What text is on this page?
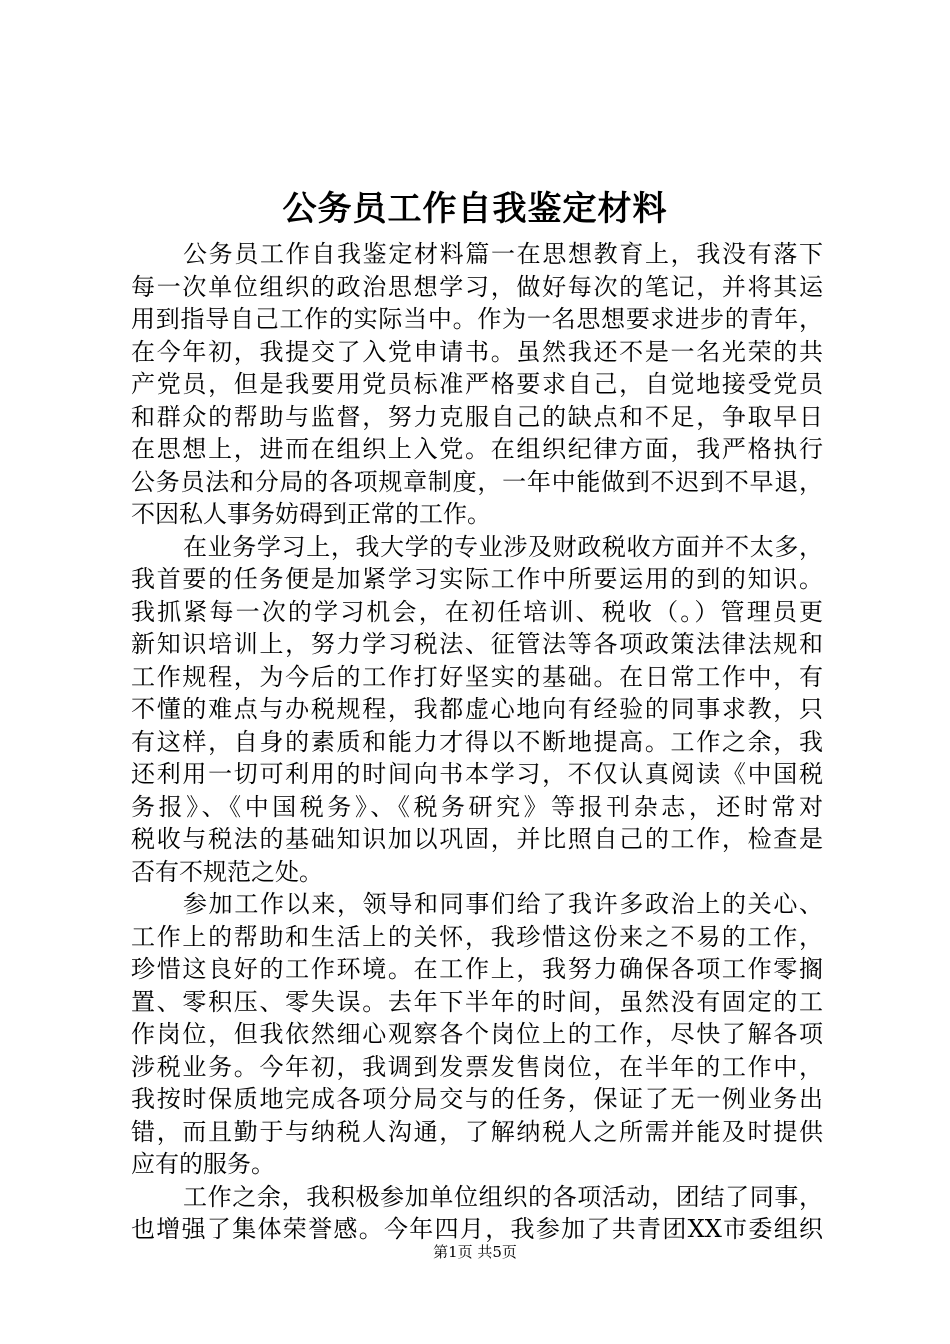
公务员工作自我鉴定材料
公务员工作自我鉴定材料篇一在思想教育上，我没有落下
每一次单位组织的政治思想学习，做好每次的笔记，并将其运
用到指导自己工作的实际当中。作为一名思想要求进步的青年，
在今年初，我提交了入党申请书。虽然我还不是一名光荣的共
产党员，但是我要用党员标准严格要求自己，自觉地接受党员
和群众的帮助与监督，努力克服自己的缺点和不足，争取早日
在思想上，进而在组织上入党。在组织纪律方面，我严格执行
公务员法和分局的各项规章制度，一年中能做到不迟到不早退，
不因私人事务妨碍到正常的工作。
在业务学习上，我大学的专业涉及财政税收方面并不太多，
我首要的任务便是加紧学习实际工作中所要运用的到的知识。
我抓紧每一次的学习机会，在初任培训、税收（。）管理员更
新知识培训上，努力学习税法、征管法等各项政策法律法规和
工作规程，为今后的工作打好坚实的基础。在日常工作中，有
不懂的难点与办税规程，我都虚心地向有经验的同事求教，只
有这样，自身的素质和能力才得以不断地提高。工作之余，我
还利用一切可利用的时间向书本学习，不仅认真阅读《中国税
务报》、《中国税务》、《税务研究》等报刊杂志，还时常对
税收与税法的基础知识加以巩固，并比照自己的工作，检查是
否有不规范之处。
参加工作以来，领导和同事们给了我许多政治上的关心、
工作上的帮助和生活上的关怀，我珍惜这份来之不易的工作，
珍惜这良好的工作环境。在工作上，我努力确保各项工作零搁
置、零积压、零失误。去年下半年的时间，虽然没有固定的工
作岗位，但我依然细心观察各个岗位上的工作，尽快了解各项
涉税业务。今年初，我调到发票发售岗位，在半年的工作中，
我按时保质地完成各项分局交与的任务，保证了无一例业务出
错，而且勤于与纳税人沟通，了解纳税人之所需并能及时提供
应有的服务。
工作之余，我积极参加单位组织的各项活动，团结了同事，
也增强了集体荣誉感。今年四月，我参加了共青团XX市委组织
第1页 共5页
